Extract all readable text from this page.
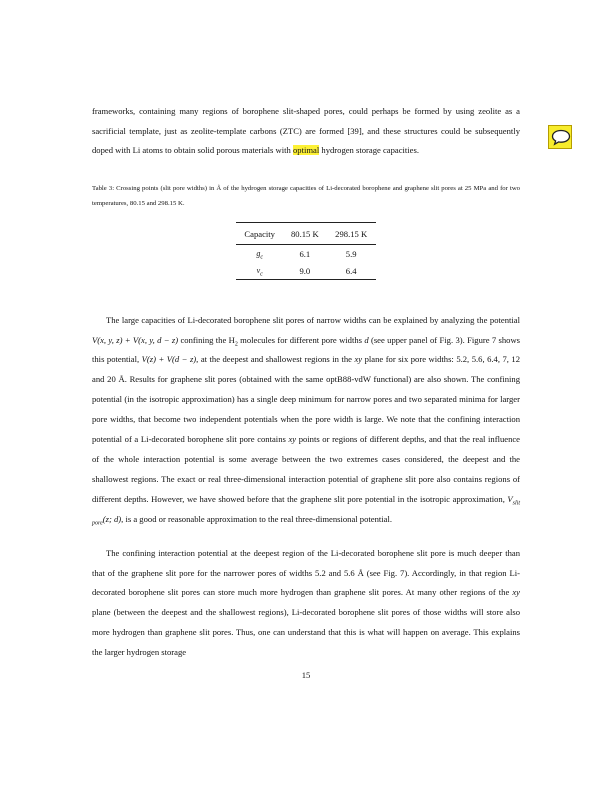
frameworks, containing many regions of borophene slit-shaped pores, could perhaps be formed by using zeolite as a sacrificial template, just as zeolite-template carbons (ZTC) are formed [39], and these structures could be subsequently doped with Li atoms to obtain solid porous materials with optimal hydrogen storage capacities.

Table 3: Crossing points (slit pore widths) in Å of the hydrogen storage capacities of Li-decorated borophene and graphene slit pores at 25 MPa and for two temperatures, 80.15 and 298.15 K.

Capacity	80.15 K	298.15 K
$g_c$	6.1	5.9
$v_c$	9.0	6.4

The large capacities of Li-decorated borophene slit pores of narrow widths can be explained by analyzing the potential V(x, y, z) + V(x, y, d − z) confining the $H_2$ molecules for different pore widths d (see upper panel of Fig. 3). Figure 7 shows this potential, V(z) + V(d − z), at the deepest and shallowest regions in the xy plane for six pore widths: 5.2, 5.6, 6.4, 7, 12 and 20 Å. Results for graphene slit pores (obtained with the same optB88-vdW functional) are also shown. The confining potential (in the isotropic approximation) has a single deep minimum for narrow pores and two separated minima for larger pore widths, that become two independent potentials when the pore width is large. We note that the confining interaction potential of a Li-decorated borophene slit pore contains xy points or regions of different depths, and that the real influence of the whole interaction potential is some average between the two extremes cases considered, the deepest and the shallowest regions. The exact or real three-dimensional interaction potential of graphene slit pore also contains regions of different depths. However, we have showed before that the graphene slit pore potential in the isotropic approximation, $V_{slit pore}(z$; d), is a good or reasonable approximation to the real three-dimensional potential.

The confining interaction potential at the deepest region of the Li-decorated borophene slit pore is much deeper than that of the graphene slit pore for the narrower pores of widths 5.2 and 5.6 Å (see Fig. 7). Accordingly, in that region Li-decorated borophene slit pores can store much more hydrogen than graphene slit pores. At many other regions of the xy plane (between the deepest and the shallowest regions), Li-decorated borophene slit pores of those widths will store also more hydrogen than graphene slit pores. Thus, one can understand that this is what will happen on average. This explains the larger hydrogen storage

15
